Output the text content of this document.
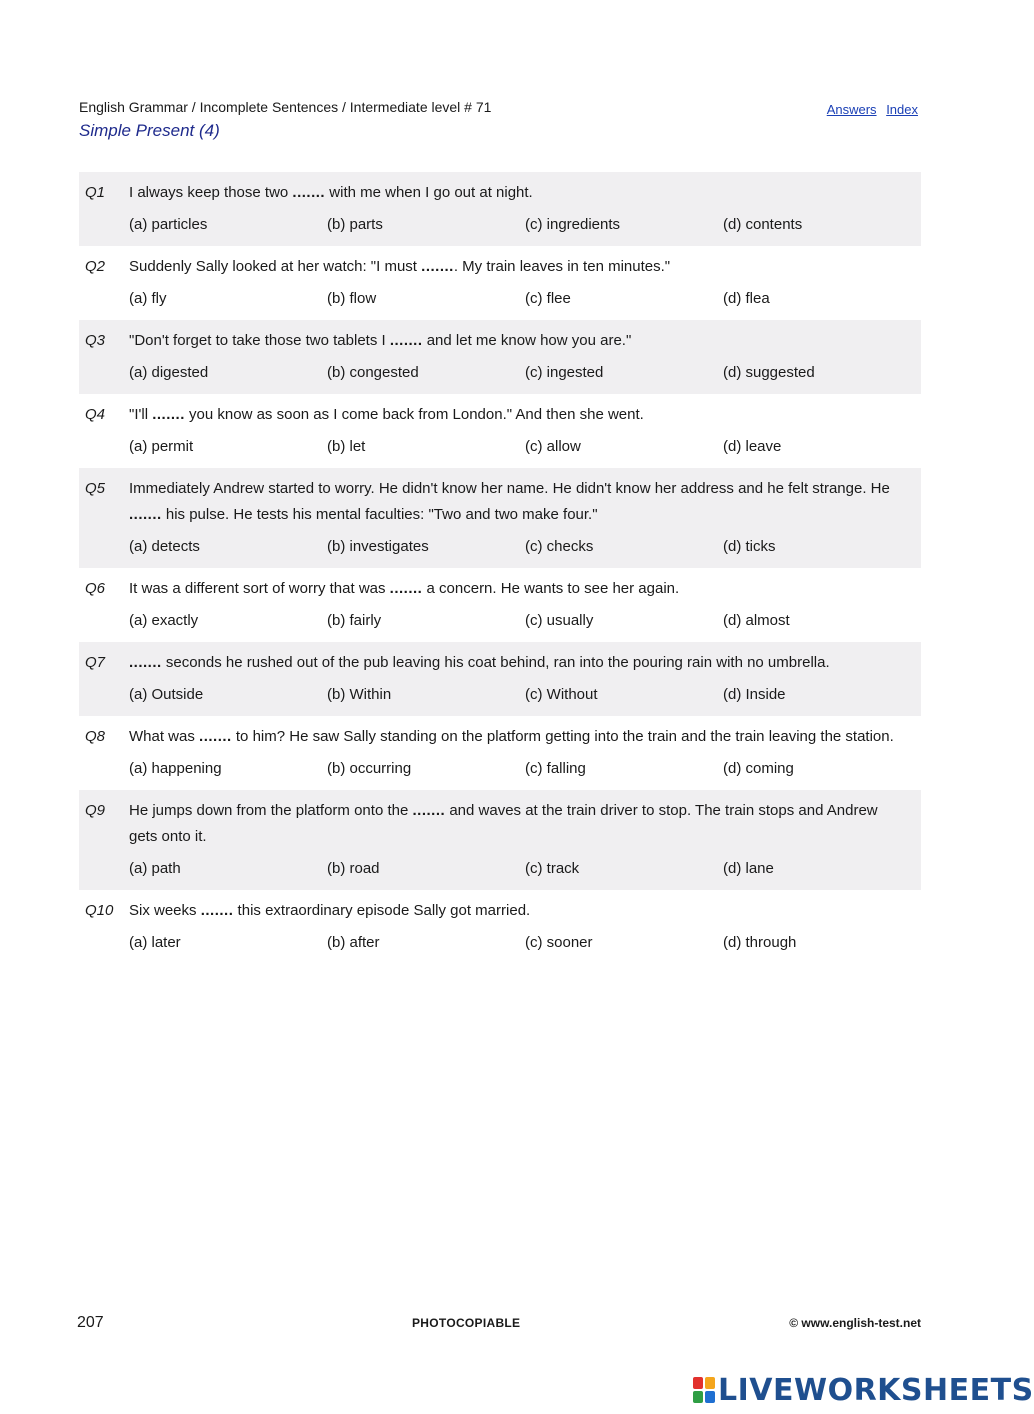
English Grammar / Incomplete Sentences / Intermediate level # 71
Simple Present (4)
Answers Index
Q1	I always keep those two ....... with me when I go out at night.
(a) particles	(b) parts	(c) ingredients	(d) contents
Q2	Suddenly Sally looked at her watch: "I must ........ My train leaves in ten minutes."
(a) fly	(b) flow	(c) flee	(d) flea
Q3	"Don't forget to take those two tablets I ....... and let me know how you are."
(a) digested	(b) congested	(c) ingested	(d) suggested
Q4	"I'll ....... you know as soon as I come back from London." And then she went.
(a) permit	(b) let	(c) allow	(d) leave
Q5	Immediately Andrew started to worry. He didn't know her name. He didn't know her address and he felt strange. He ....... his pulse. He tests his mental faculties: "Two and two make four."
(a) detects	(b) investigates	(c) checks	(d) ticks
Q6	It was a different sort of worry that was ....... a concern. He wants to see her again.
(a) exactly	(b) fairly	(c) usually	(d) almost
Q7	....... seconds he rushed out of the pub leaving his coat behind, ran into the pouring rain with no umbrella.
(a) Outside	(b) Within	(c) Without	(d) Inside
Q8	What was ....... to him? He saw Sally standing on the platform getting into the train and the train leaving the station.
(a) happening	(b) occurring	(c) falling	(d) coming
Q9	He jumps down from the platform onto the ....... and waves at the train driver to stop. The train stops and Andrew gets onto it.
(a) path	(b) road	(c) track	(d) lane
Q10	Six weeks ....... this extraordinary episode Sally got married.
(a) later	(b) after	(c) sooner	(d) through
207	PHOTOCOPIABLE	© www.english-test.net
LIVEWORKSHEETS
